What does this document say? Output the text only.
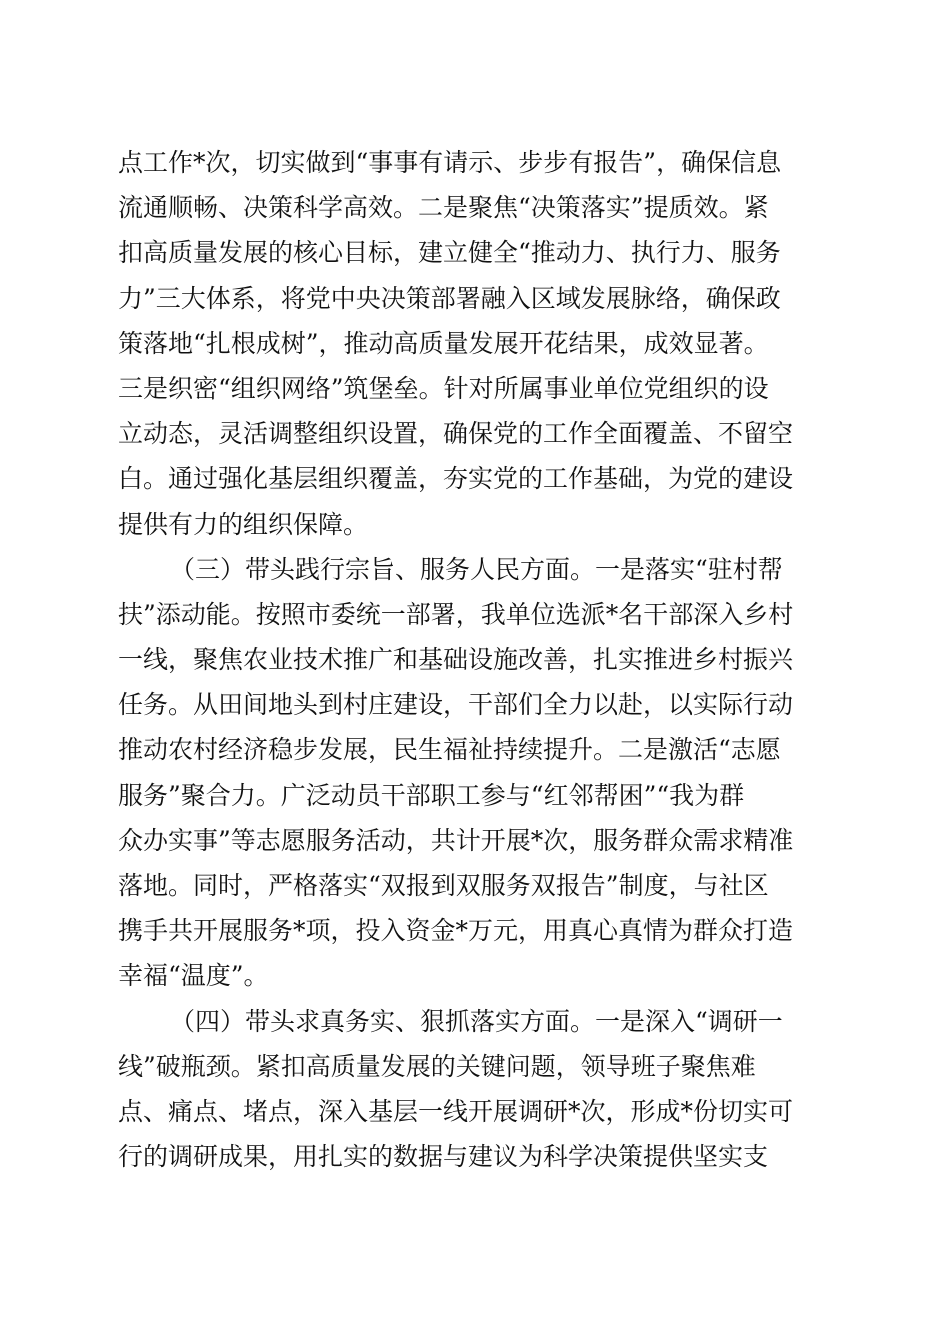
点工作*次，切实做到“事事有请示、步步有报告”，确保信息
流通顺畅、决策科学高效。二是聚焦“决策落实”提质效。紧
扣高质量发展的核心目标，建立健全“推动力、执行力、服务
力”三大体系，将党中央决策部署融入区域发展脉络，确保政
策落地“扎根成树”，推动高质量发展开花结果，成效显著。
三是织密“组织网络”筑堡垒。针对所属事业单位党组织的设
立动态，灵活调整组织设置，确保党的工作全面覆盖、不留空
白。通过强化基层组织覆盖，夯实党的工作基础，为党的建设
提供有力的组织保障。
（三）带头践行宗旨、服务人民方面。一是落实“驻村帮
扶”添动能。按照市委统一部署，我单位选派*名干部深入乡村
一线，聚焦农业技术推广和基础设施改善，扎实推进乡村振兴
任务。从田间地头到村庄建设，干部们全力以赴，以实际行动
推动农村经济稳步发展，民生福祉持续提升。二是激活“志愿
服务”聚合力。广泛动员干部职工参与“红邻帮困”“我为群
众办实事”等志愿服务活动，共计开展*次，服务群众需求精准
落地。同时，严格落实“双报到双服务双报告”制度，与社区
携手共开展服务*项，投入资金*万元，用真心真情为群众打造
幸福“温度”。
（四）带头求真务实、狠抓落实方面。一是深入“调研一
线”破瓶颈。紧扣高质量发展的关键问题，领导班子聚焦难
点、痛点、堵点，深入基层一线开展调研*次，形成*份切实可
行的调研成果，用扎实的数据与建议为科学决策提供坚实支
